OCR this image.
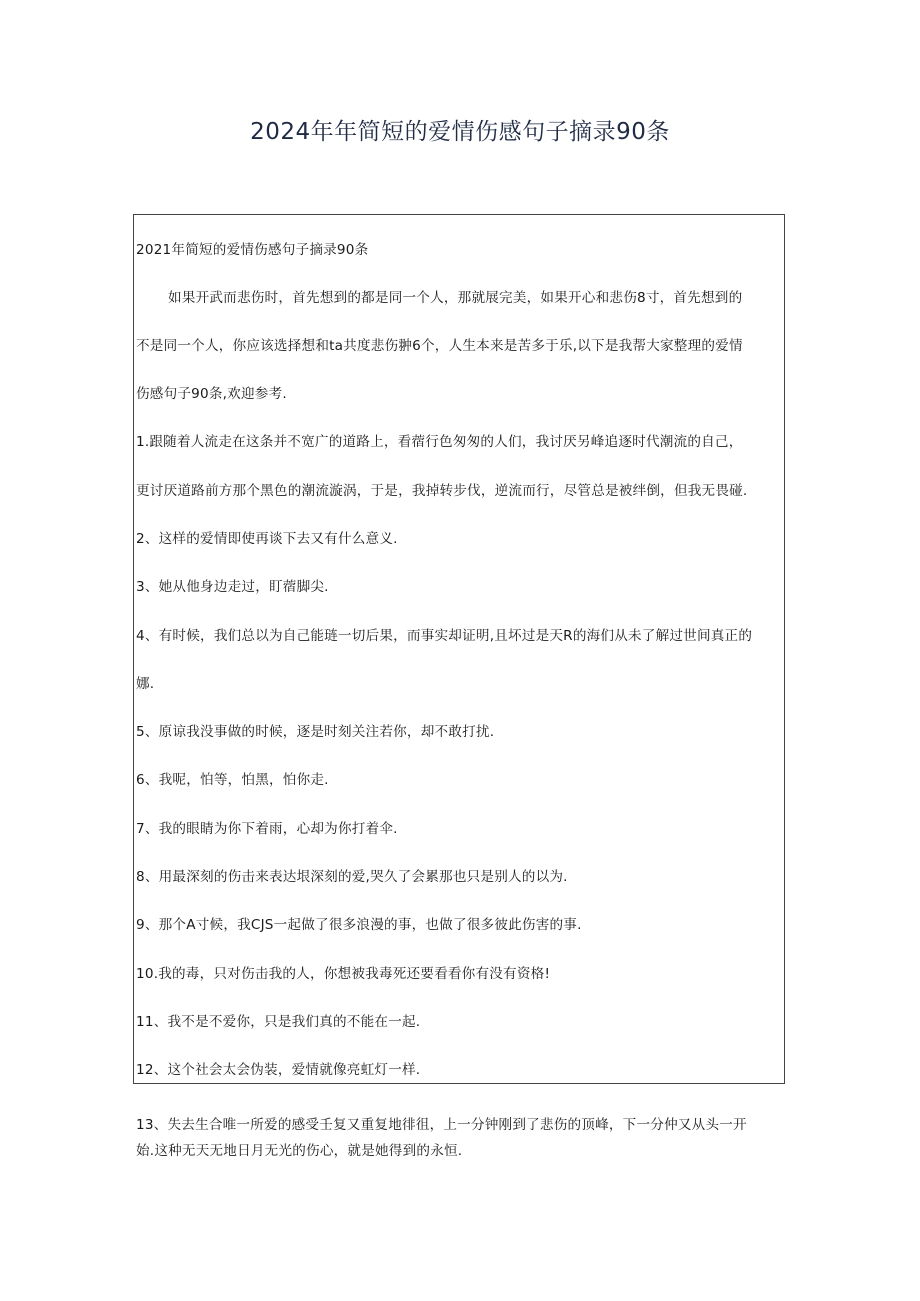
2024年年简短的爱情伤感句子摘录90条
2021年简短的爱情伤感句子摘录90条
如果开武而悲伤时，首先想到的都是同一个人，那就展完美，如果开心和悲伤8寸，首先想到的
不是同一个人，你应该选择想和ta共度悲伤翀6个，人生本来是苦多于乐,以下是我帮大家整理的爱情
伤感句子90条,欢迎参考.
1.跟随着人流走在这条并不宽广的道路上，看蓿行色匆匆的人们，我讨厌另峰追逐时代潮流的自己，
更讨厌道路前方那个黑色的潮流漩涡，于是，我掉转步伐，逆流而行，尽管总是被绊倒，但我无畏碰.
2、这样的爱情即使再谈下去又有什么意义.
3、她从他身边走过，盯蓿脚尖.
4、有时候，我们总以为自己能琏一切后果，而事实却证明,且坏过是天R的海们从未了解过世间真正的
娜.
5、原谅我没事做的时候，逐是时刻关注若你，却不敢打扰.
6、我呢，怕等，怕黑，怕你走.
7、我的眼睛为你下着雨，心却为你打着伞.
8、用最深刻的伤击来表达垠深刻的爱,哭久了会累那也只是别人的以为.
9、那个A寸候，我CJS一起做了很多浪漫的事，也做了很多彼此伤害的事.
10.我的毒，只对伤击我的人，你想被我毒死还要看看你有没有资格!
11、我不是不爱你，只是我们真的不能在一起.
12、这个社会太会伪装，爱情就像亮虹灯一样.
13、失去生合唯一所爱的感受壬复又重复地徘徂，上一分钟刚到了悲伤的顶峰，下一分仲又从头一开
始.这种无天无地日月无光的伤心，就是她得到的永恒.
